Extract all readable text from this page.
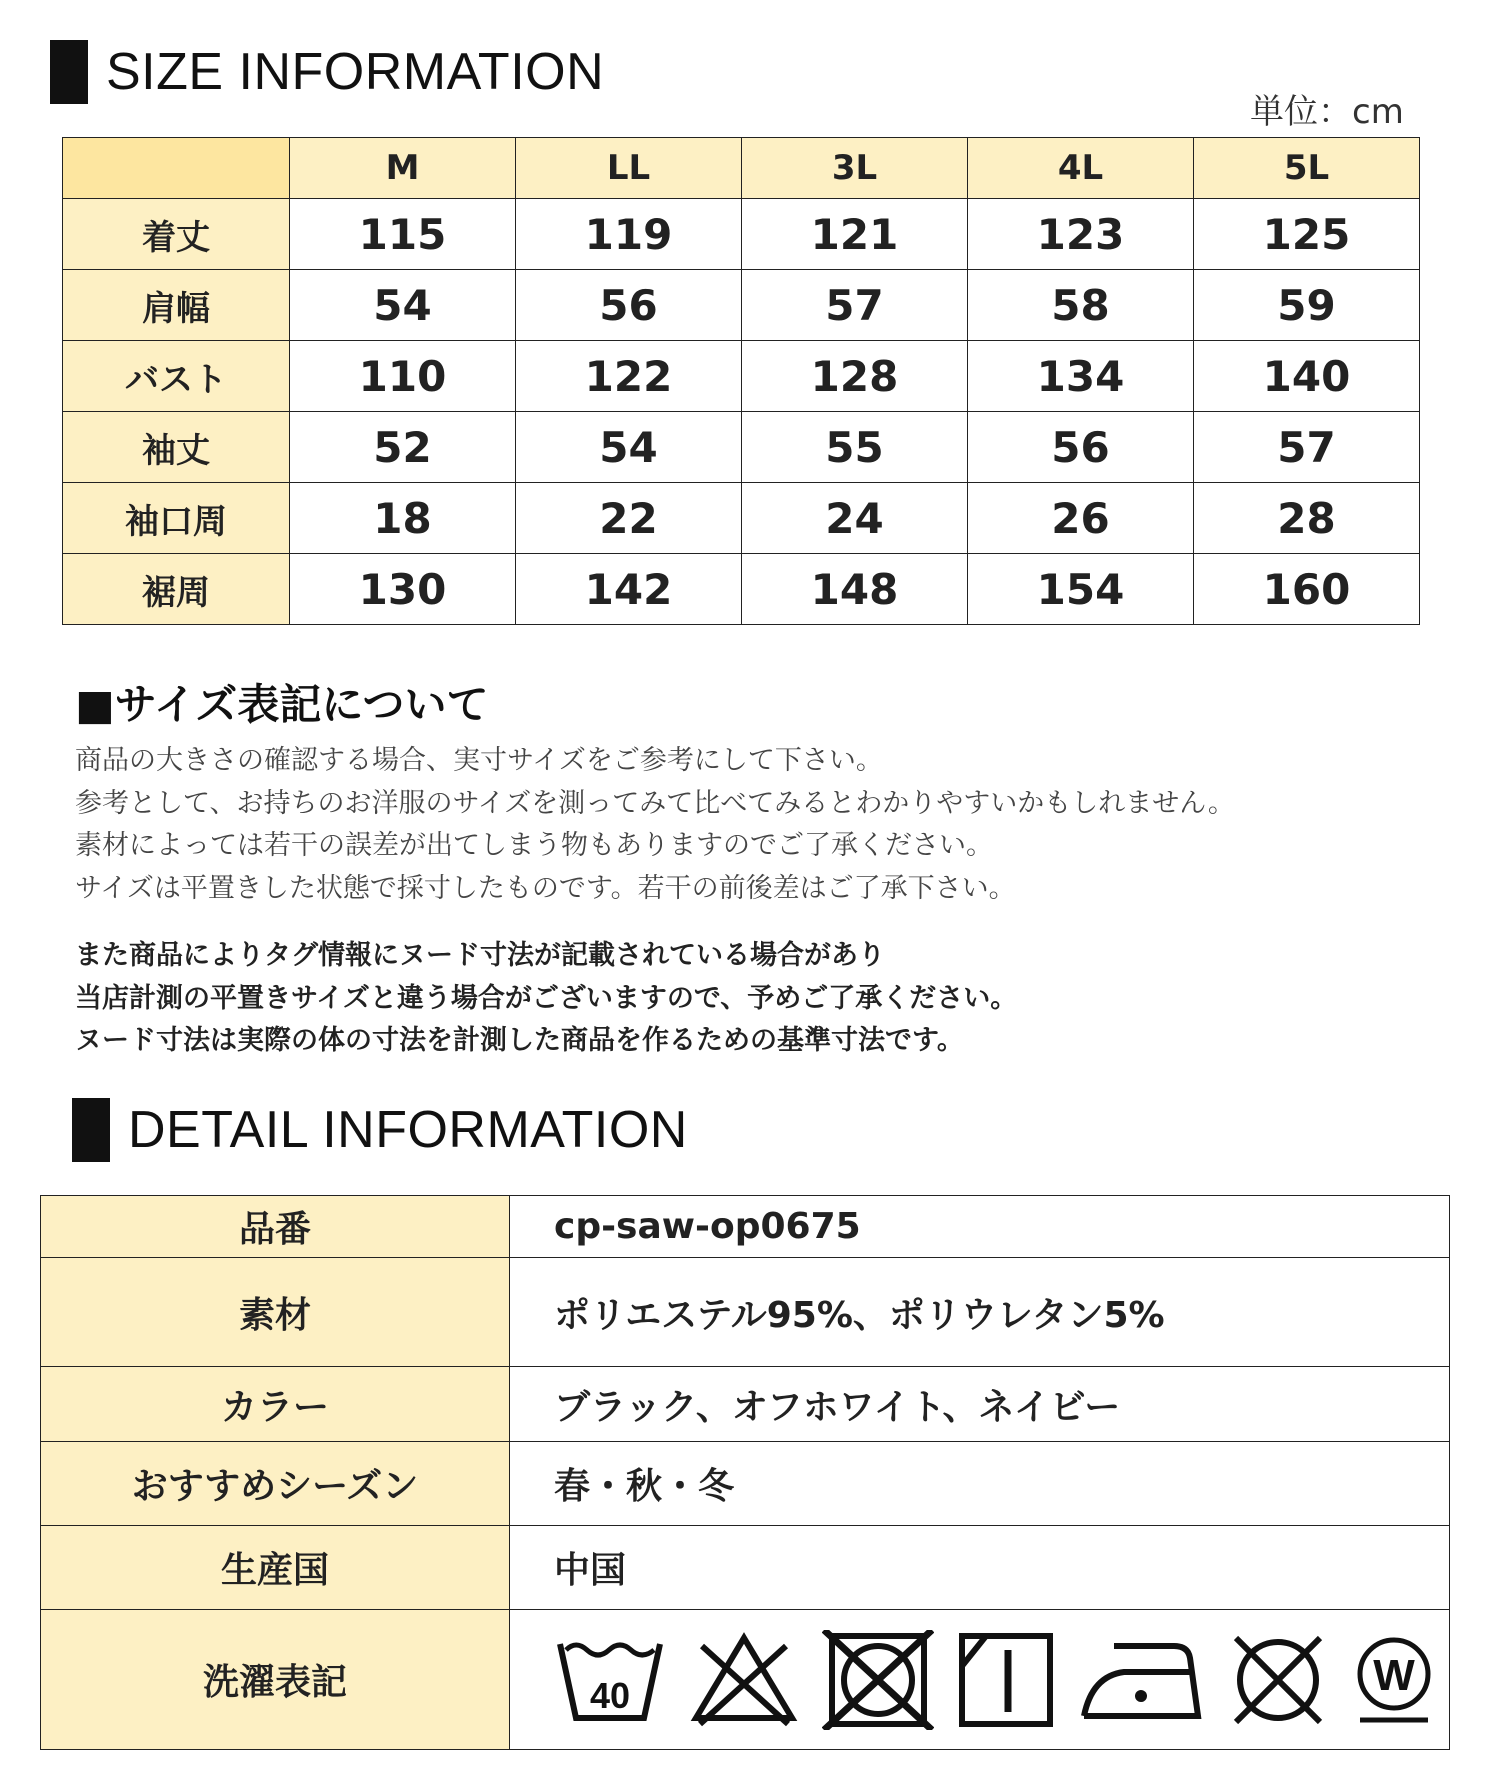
SIZE INFORMATION
単位：cm
	M	LL	3L	4L	5L
着丈	115	119	121	123	125
肩幅	54	56	57	58	59
バスト	110	122	128	134	140
袖丈	52	54	55	56	57
袖口周	18	22	24	26	28
裾周	130	142	148	154	160
■サイズ表記について
商品の大きさの確認する場合、実寸サイズをご参考にして下さい。
参考として、お持ちのお洋服のサイズを測ってみて比べてみるとわかりやすいかもしれません。
素材によっては若干の誤差が出てしまう物もありますのでご了承ください。
サイズは平置きした状態で採寸したものです。若干の前後差はご了承下さい。
また商品によりタグ情報にヌード寸法が記載されている場合があり
当店計測の平置きサイズと違う場合がございますので、予めご了承ください。
ヌード寸法は実際の体の寸法を計測した商品を作るための基準寸法です。
DETAIL INFORMATION
品番	cp-saw-op0675
素材	ポリエステル95%、ポリウレタン5%
カラー	ブラック、オフホワイト、ネイビー
おすすめシーズン	春・秋・冬
生産国	中国
洗濯表記	40 W
